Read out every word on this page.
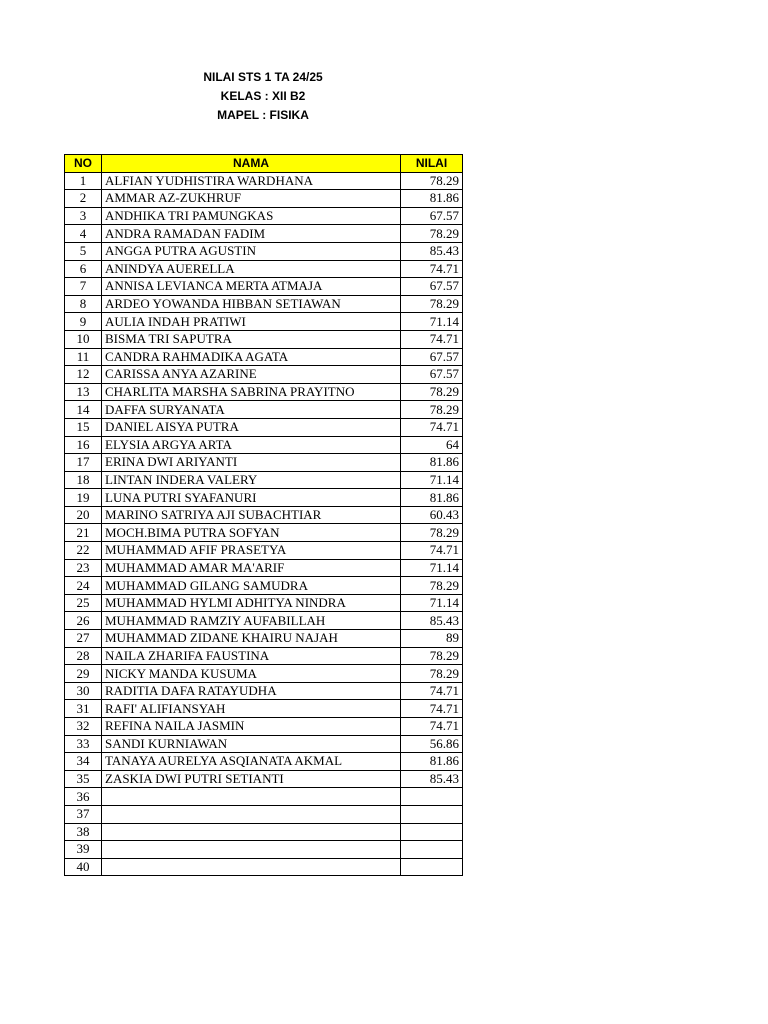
NILAI STS 1 TA 24/25
KELAS : XII B2
MAPEL : FISIKA
NO	NAMA	NILAI
1	ALFIAN YUDHISTIRA WARDHANA	78.29
2	AMMAR AZ-ZUKHRUF	81.86
3	ANDHIKA TRI PAMUNGKAS	67.57
4	ANDRA RAMADAN FADIM	78.29
5	ANGGA PUTRA AGUSTIN	85.43
6	ANINDYA AUERELLA	74.71
7	ANNISA LEVIANCA MERTA ATMAJA	67.57
8	ARDEO YOWANDA HIBBAN SETIAWAN	78.29
9	AULIA INDAH PRATIWI	71.14
10	BISMA TRI SAPUTRA	74.71
11	CANDRA RAHMADIKA AGATA	67.57
12	CARISSA ANYA AZARINE	67.57
13	CHARLITA MARSHA SABRINA PRAYITNO	78.29
14	DAFFA SURYANATA	78.29
15	DANIEL AISYA PUTRA	74.71
16	ELYSIA ARGYA ARTA	64
17	ERINA DWI ARIYANTI	81.86
18	LINTAN INDERA VALERY	71.14
19	LUNA PUTRI SYAFANURI	81.86
20	MARINO SATRIYA AJI SUBACHTIAR	60.43
21	MOCH.BIMA PUTRA SOFYAN	78.29
22	MUHAMMAD AFIF PRASETYA	74.71
23	MUHAMMAD AMAR MA'ARIF	71.14
24	MUHAMMAD GILANG SAMUDRA	78.29
25	MUHAMMAD HYLMI ADHITYA NINDRA	71.14
26	MUHAMMAD RAMZIY AUFABILLAH	85.43
27	MUHAMMAD ZIDANE KHAIRU NAJAH	89
28	NAILA ZHARIFA FAUSTINA	78.29
29	NICKY MANDA KUSUMA	78.29
30	RADITIA DAFA RATAYUDHA	74.71
31	RAFI' ALIFIANSYAH	74.71
32	REFINA NAILA JASMIN	74.71
33	SANDI KURNIAWAN	56.86
34	TANAYA AURELYA ASQIANATA AKMAL	81.86
35	ZASKIA DWI PUTRI SETIANTI	85.43
36		
37		
38		
39		
40		
